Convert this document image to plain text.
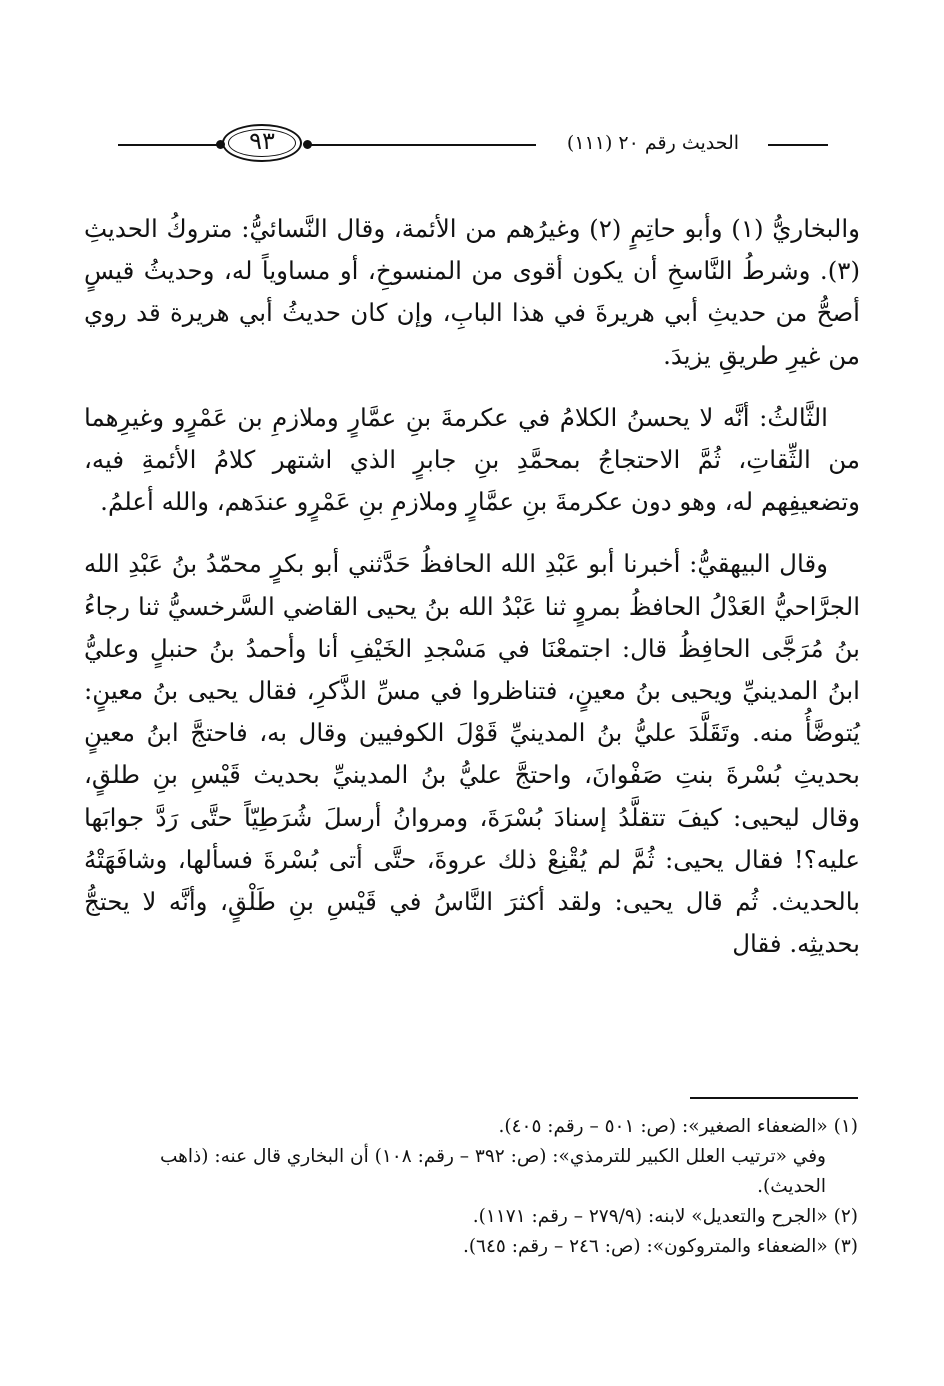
٩٣	الحديث رقم ٢٠ (١١١)

والبخاريُّ (١) وأبو حاتِمٍ (٢) وغيرُهم من الأئمة، وقال النَّسائيُّ: متروكُ الحديثِ (٣). وشرطُ النَّاسخِ أن يكون أقوى من المنسوخِ، أو مساوياً له، وحديثُ قيسٍ أصحُّ من حديثِ أبي هريرةَ في هذا البابِ، وإن كان حديثُ أبي هريرة قد روي من غيرِ طريقِ يزيدَ.

الثَّالثُ: أنَّه لا يحسنُ الكلامُ في عكرمةَ بنِ عمَّارٍ وملازمِ بن عَمْرٍو وغيرِهما من الثِّقاتِ، ثُمَّ الاحتجاجُ بمحمَّدِ بنِ جابرٍ الذي اشتهر كلامُ الأئمةِ فيه، وتضعيفِهم له، وهو دون عكرمةَ بنِ عمَّارٍ وملازمِ بنِ عَمْرٍو عندَهم، والله أعلمُ.

وقال البيهقيُّ: أخبرنا أبو عَبْدِ الله الحافظُ حَدَّثني أبو بكرٍ محمّدُ بنُ عَبْدِ الله الجرَّاحيُّ العَدْلُ الحافظُ بمروٍ ثنا عَبْدُ الله بنُ يحيى القاضي السَّرخسيُّ ثنا رجاءُ بنُ مُرَجَّى الحافِظُ قال: اجتمعْنَا في مَسْجدِ الخَيْفِ أنا وأحمدُ بنُ حنبلٍ وعليُّ ابنُ المدينيِّ ويحيى بنُ معينٍ، فتناظروا في مسِّ الذَّكرِ، فقال يحيى بنُ معينٍ: يُتوضَّأُ منه. وتَقَلَّدَ عليُّ بنُ المدينيِّ قَوْلَ الكوفيين وقال به، فاحتجَّ ابنُ معينٍ بحديثِ بُسْرةَ بنتِ صَفْوانَ، واحتجَّ عليُّ بنُ المدينيِّ بحديث قَيْسِ بنِ طلقٍ، وقال ليحيى: كيفَ تتقلَّدُ إسنادَ بُسْرَةَ، ومروانُ أرسلَ شُرَطِيّاً حتَّى رَدَّ جوابَها عليه؟! فقال يحيى: ثُمَّ لم يُقْنِعْ ذلك عروةَ، حتَّى أتى بُسْرةَ فسألها، وشافَهَتْهُ بالحديث. ثُم قال يحيى: ولقد أكثرَ النَّاسُ في قَيْسِ بنِ طَلْقٍ، وأنَّه لا يحتجُّ بحديثِه. فقال

(١) «الضعفاء الصغير»: (ص: ٥٠١ – رقم: ٤٠٥).
وفي «ترتيب العلل الكبير للترمذي»: (ص: ٣٩٢ – رقم: ١٠٨) أن البخاري قال عنه: (ذاهب الحديث).
(٢) «الجرح والتعديل» لابنه: (٢٧٩/٩ – رقم: ١١٧١).
(٣) «الضعفاء والمتروكون»: (ص: ٢٤٦ – رقم: ٦٤٥).
